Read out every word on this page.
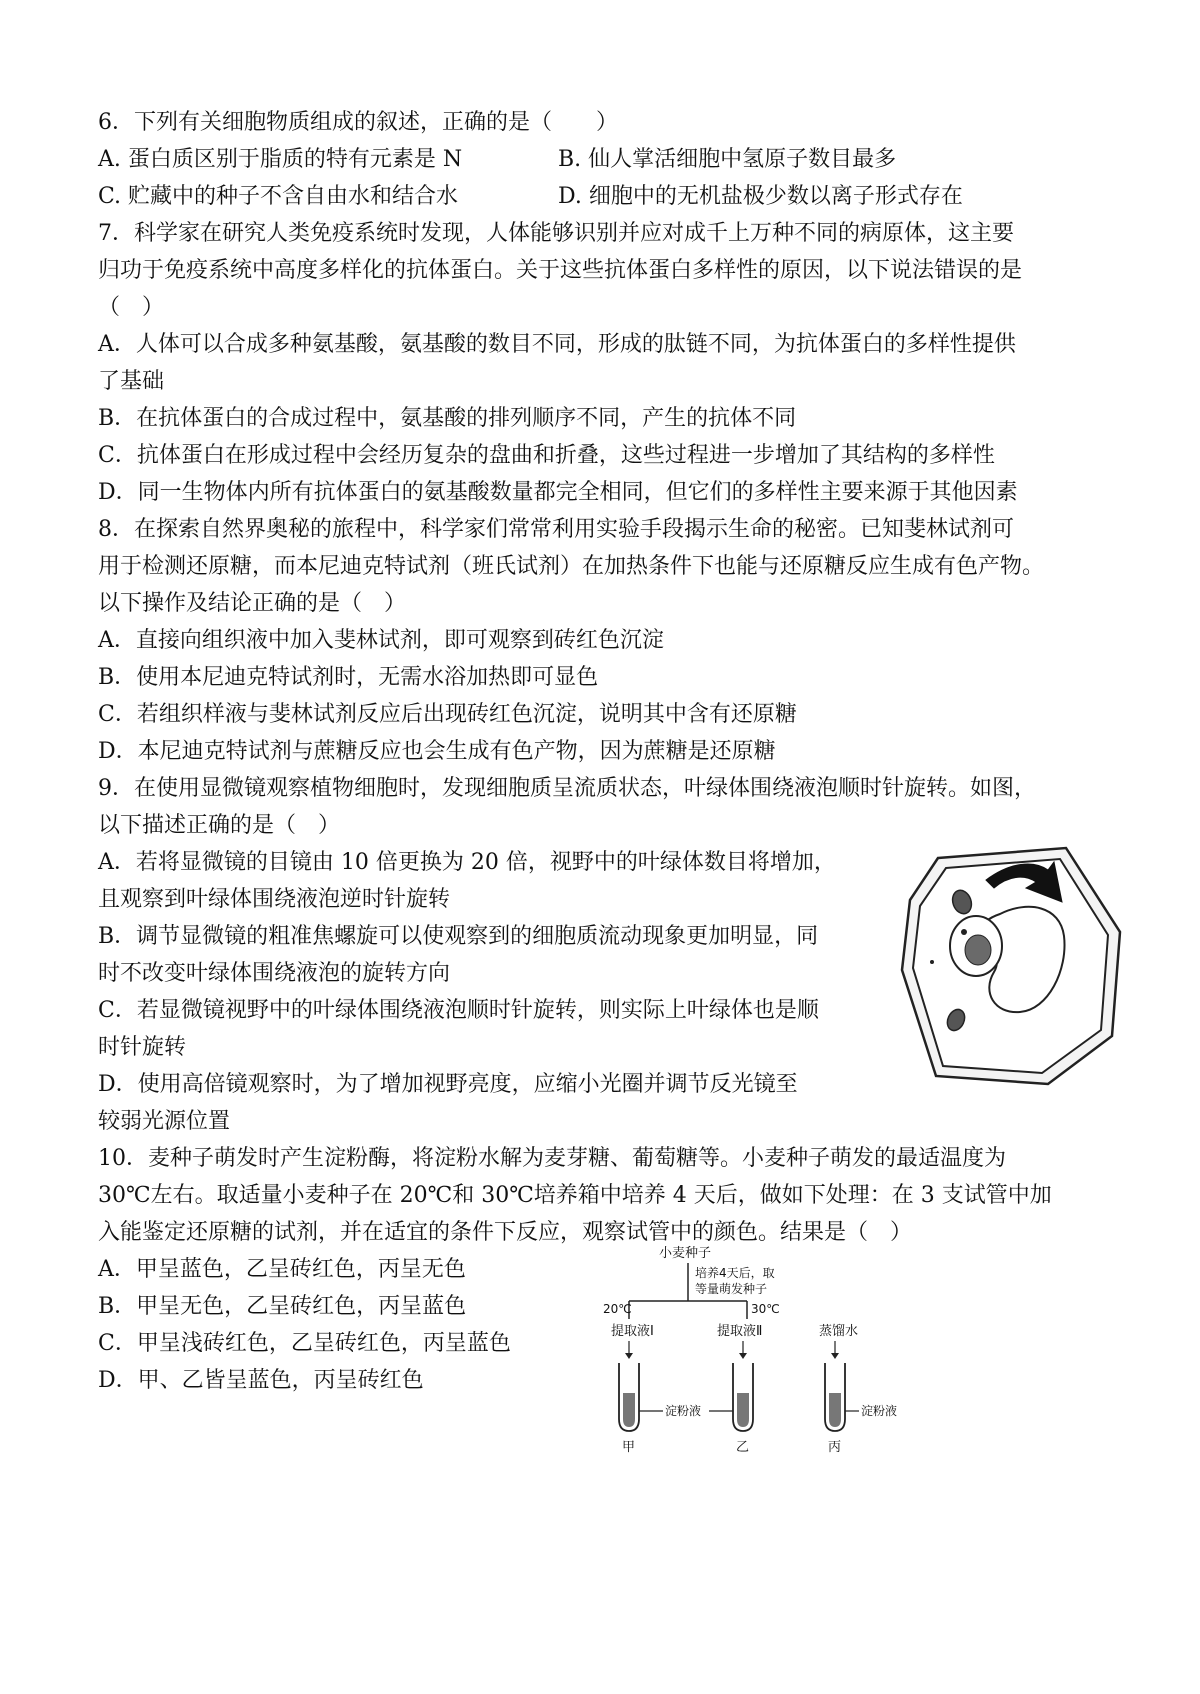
6．下列有关细胞物质组成的叙述，正确的是（　　）
A. 蛋白质区别于脂质的特有元素是 N	B. 仙人掌活细胞中氢原子数目最多
C. 贮藏中的种子不含自由水和结合水	D. 细胞中的无机盐极少数以离子形式存在
7．科学家在研究人类免疫系统时发现，人体能够识别并应对成千上万种不同的病原体，这主要
归功于免疫系统中高度多样化的抗体蛋白。关于这些抗体蛋白多样性的原因，以下说法错误的是
（　）
A．人体可以合成多种氨基酸，氨基酸的数目不同，形成的肽链不同，为抗体蛋白的多样性提供
了基础
B．在抗体蛋白的合成过程中，氨基酸的排列顺序不同，产生的抗体不同
C．抗体蛋白在形成过程中会经历复杂的盘曲和折叠，这些过程进一步增加了其结构的多样性
D．同一生物体内所有抗体蛋白的氨基酸数量都完全相同，但它们的多样性主要来源于其他因素
8．在探索自然界奥秘的旅程中，科学家们常常利用实验手段揭示生命的秘密。已知斐林试剂可
用于检测还原糖，而本尼迪克特试剂（班氏试剂）在加热条件下也能与还原糖反应生成有色产物。
以下操作及结论正确的是（　）
A．直接向组织液中加入斐林试剂，即可观察到砖红色沉淀
B．使用本尼迪克特试剂时，无需水浴加热即可显色
C．若组织样液与斐林试剂反应后出现砖红色沉淀，说明其中含有还原糖
D．本尼迪克特试剂与蔗糖反应也会生成有色产物，因为蔗糖是还原糖
9．在使用显微镜观察植物细胞时，发现细胞质呈流质状态，叶绿体围绕液泡顺时针旋转。如图，
以下描述正确的是（　）
A．若将显微镜的目镜由 10 倍更换为 20 倍，视野中的叶绿体数目将增加，
且观察到叶绿体围绕液泡逆时针旋转
B．调节显微镜的粗准焦螺旋可以使观察到的细胞质流动现象更加明显，同
时不改变叶绿体围绕液泡的旋转方向
C．若显微镜视野中的叶绿体围绕液泡顺时针旋转，则实际上叶绿体也是顺
时针旋转
D．使用高倍镜观察时，为了增加视野亮度，应缩小光圈并调节反光镜至
较弱光源位置
10．麦种子萌发时产生淀粉酶，将淀粉水解为麦芽糖、葡萄糖等。小麦种子萌发的最适温度为
30℃左右。取适量小麦种子在 20℃和 30℃培养箱中培养 4 天后，做如下处理：在 3 支试管中加
入能鉴定还原糖的试剂，并在适宜的条件下反应，观察试管中的颜色。结果是（　）
A．甲呈蓝色，乙呈砖红色，丙呈无色
B．甲呈无色，乙呈砖红色，丙呈蓝色
C．甲呈浅砖红色，乙呈砖红色，丙呈蓝色
D．甲、乙皆呈蓝色，丙呈砖红色
小麦种子
培养4天后，取
等量萌发种子
20℃	30℃
提取液Ⅰ	提取液Ⅱ	蒸馏水
淀粉液	淀粉液
甲	乙	丙
